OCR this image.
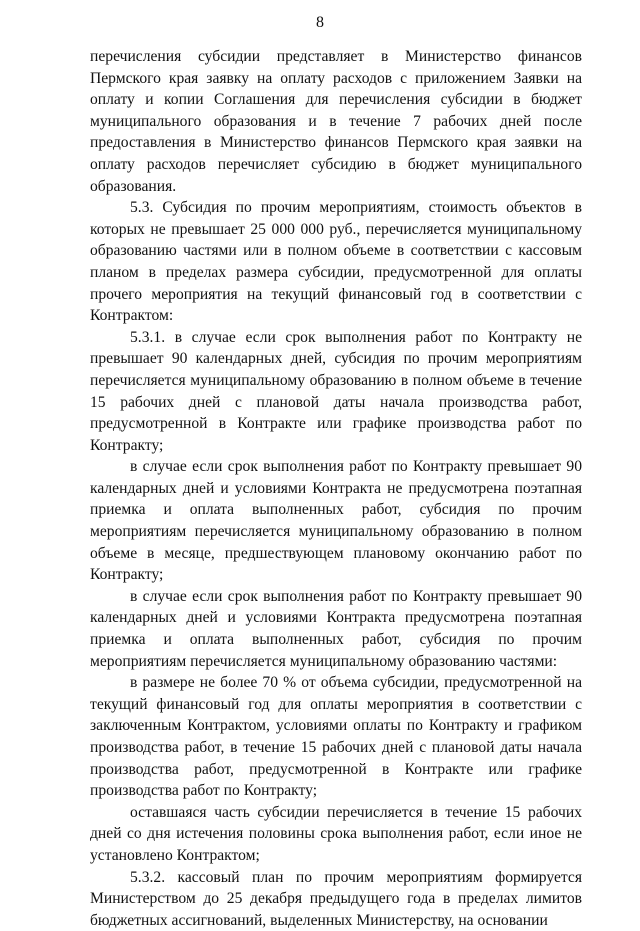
8

перечисления субсидии представляет в Министерство финансов Пермского края заявку на оплату расходов с приложением Заявки на оплату и копии Соглашения для перечисления субсидии в бюджет муниципального образования и в течение 7 рабочих дней после предоставления в Министерство финансов Пермского края заявки на оплату расходов перечисляет субсидию в бюджет муниципального образования.

5.3. Субсидия по прочим мероприятиям, стоимость объектов в которых не превышает 25 000 000 руб., перечисляется муниципальному образованию частями или в полном объеме в соответствии с кассовым планом в пределах размера субсидии, предусмотренной для оплаты прочего мероприятия на текущий финансовый год в соответствии с Контрактом:

5.3.1. в случае если срок выполнения работ по Контракту не превышает 90 календарных дней, субсидия по прочим мероприятиям перечисляется муниципальному образованию в полном объеме в течение 15 рабочих дней с плановой даты начала производства работ, предусмотренной в Контракте или графике производства работ по Контракту;

в случае если срок выполнения работ по Контракту превышает 90 календарных дней и условиями Контракта не предусмотрена поэтапная приемка и оплата выполненных работ, субсидия по прочим мероприятиям перечисляется муниципальному образованию в полном объеме в месяце, предшествующем плановому окончанию работ по Контракту;

в случае если срок выполнения работ по Контракту превышает 90 календарных дней и условиями Контракта предусмотрена поэтапная приемка и оплата выполненных работ, субсидия по прочим мероприятиям перечисляется муниципальному образованию частями:

в размере не более 70 % от объема субсидии, предусмотренной на текущий финансовый год для оплаты мероприятия в соответствии с заключенным Контрактом, условиями оплаты по Контракту и графиком производства работ, в течение 15 рабочих дней с плановой даты начала производства работ, предусмотренной в Контракте или графике производства работ по Контракту;

оставшаяся часть субсидии перечисляется в течение 15 рабочих дней со дня истечения половины срока выполнения работ, если иное не установлено Контрактом;

5.3.2. кассовый план по прочим мероприятиям формируется Министерством до 25 декабря предыдущего года в пределах лимитов бюджетных ассигнований, выделенных Министерству, на основании
